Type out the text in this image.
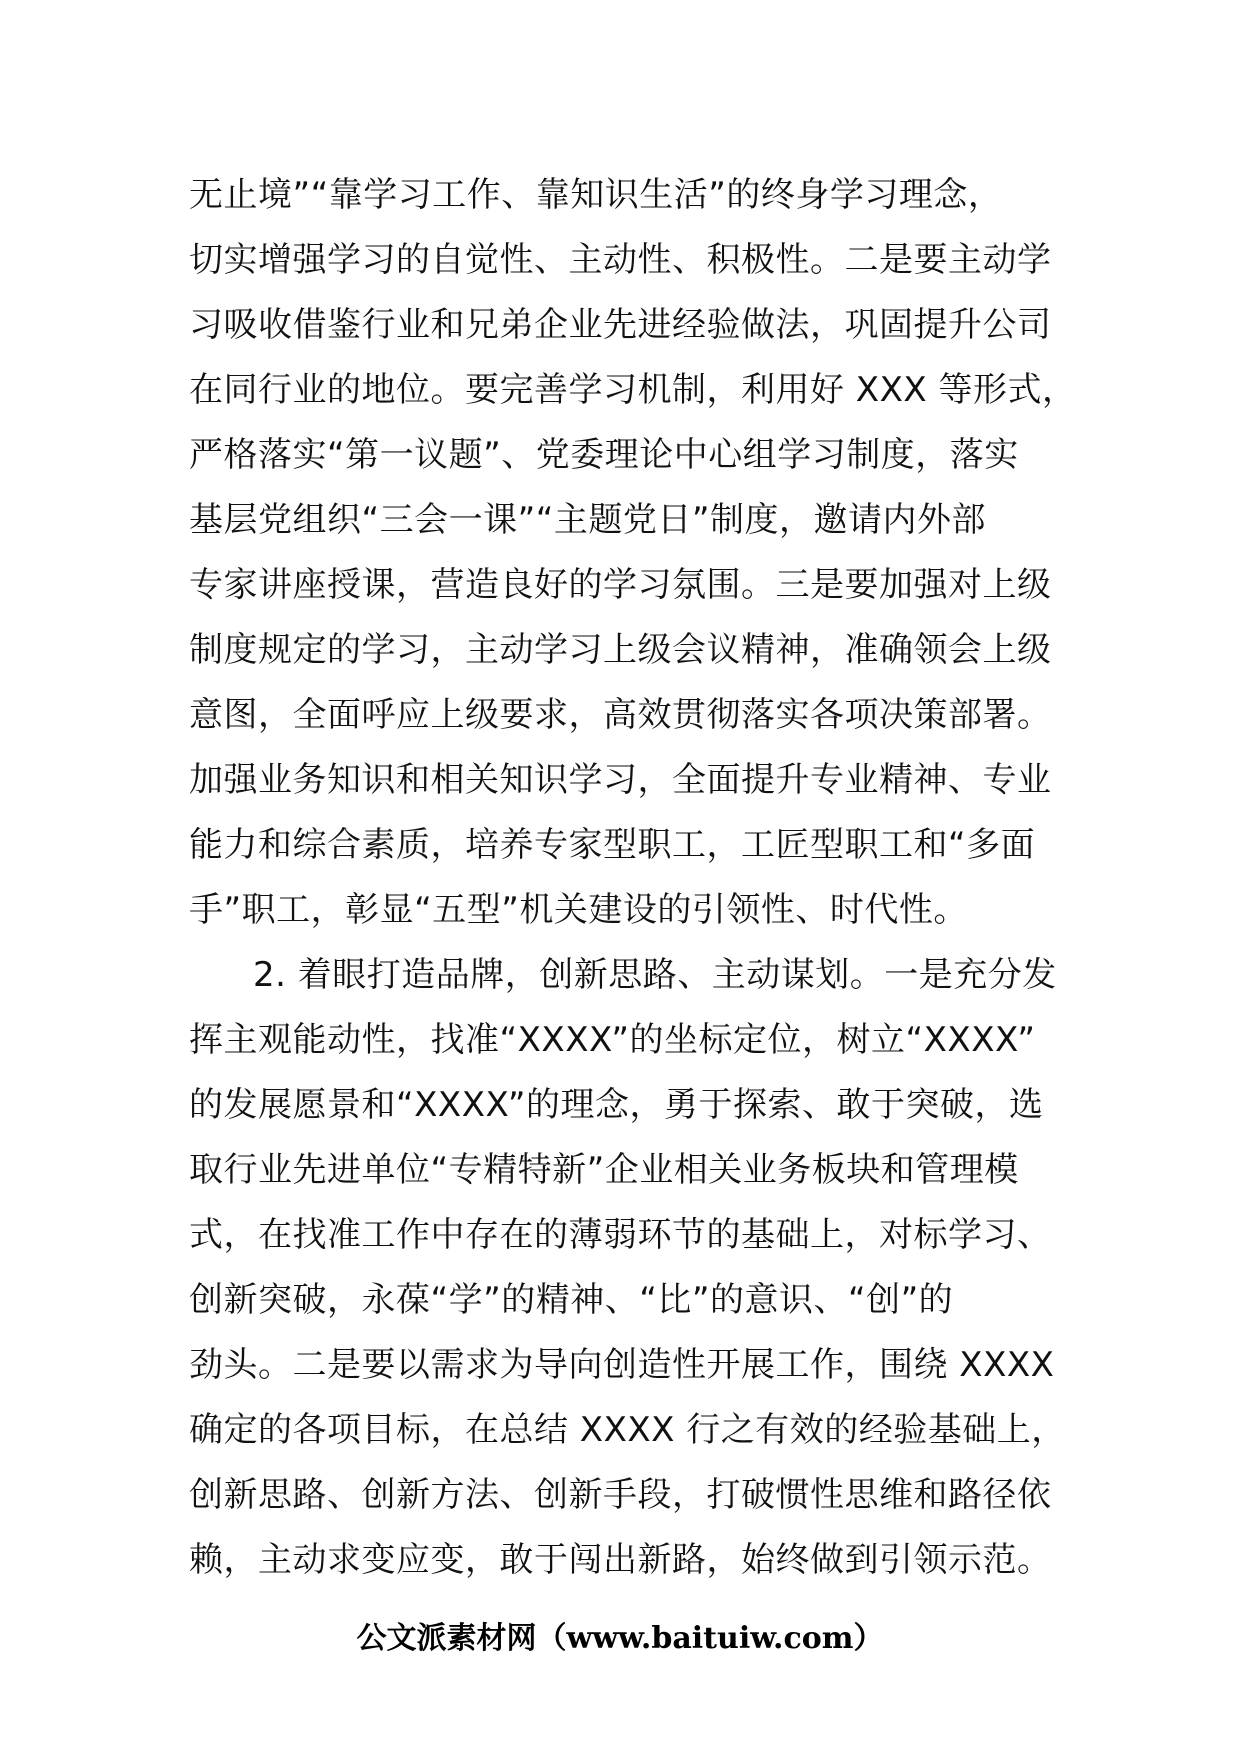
无止境”“靠学习工作、靠知识生活”的终身学习理念，
切实增强学习的自觉性、主动性、积极性。二是要主动学
习吸收借鉴行业和兄弟企业先进经验做法，巩固提升公司
在同行业的地位。要完善学习机制，利用好 XXX 等形式，
严格落实“第一议题”、党委理论中心组学习制度，落实
基层党组织“三会一课”“主题党日”制度，邀请内外部
专家讲座授课，营造良好的学习氛围。三是要加强对上级
制度规定的学习，主动学习上级会议精神，准确领会上级
意图，全面呼应上级要求，高效贯彻落实各项决策部署。
加强业务知识和相关知识学习，全面提升专业精神、专业
能力和综合素质，培养专家型职工，工匠型职工和“多面
手”职工，彰显“五型”机关建设的引领性、时代性。
2. 着眼打造品牌，创新思路、主动谋划。一是充分发
挥主观能动性，找准“XXXX”的坐标定位，树立“XXXX”
的发展愿景和“XXXX”的理念，勇于探索、敢于突破，选
取行业先进单位“专精特新”企业相关业务板块和管理模
式，在找准工作中存在的薄弱环节的基础上，对标学习、
创新突破，永葆“学”的精神、“比”的意识、“创”的
劲头。二是要以需求为导向创造性开展工作，围绕 XXXX
确定的各项目标，在总结 XXXX 行之有效的经验基础上，
创新思路、创新方法、创新手段，打破惯性思维和路径依
赖，主动求变应变，敢于闯出新路，始终做到引领示范。
公文派素材网（www.baituiw.com）
